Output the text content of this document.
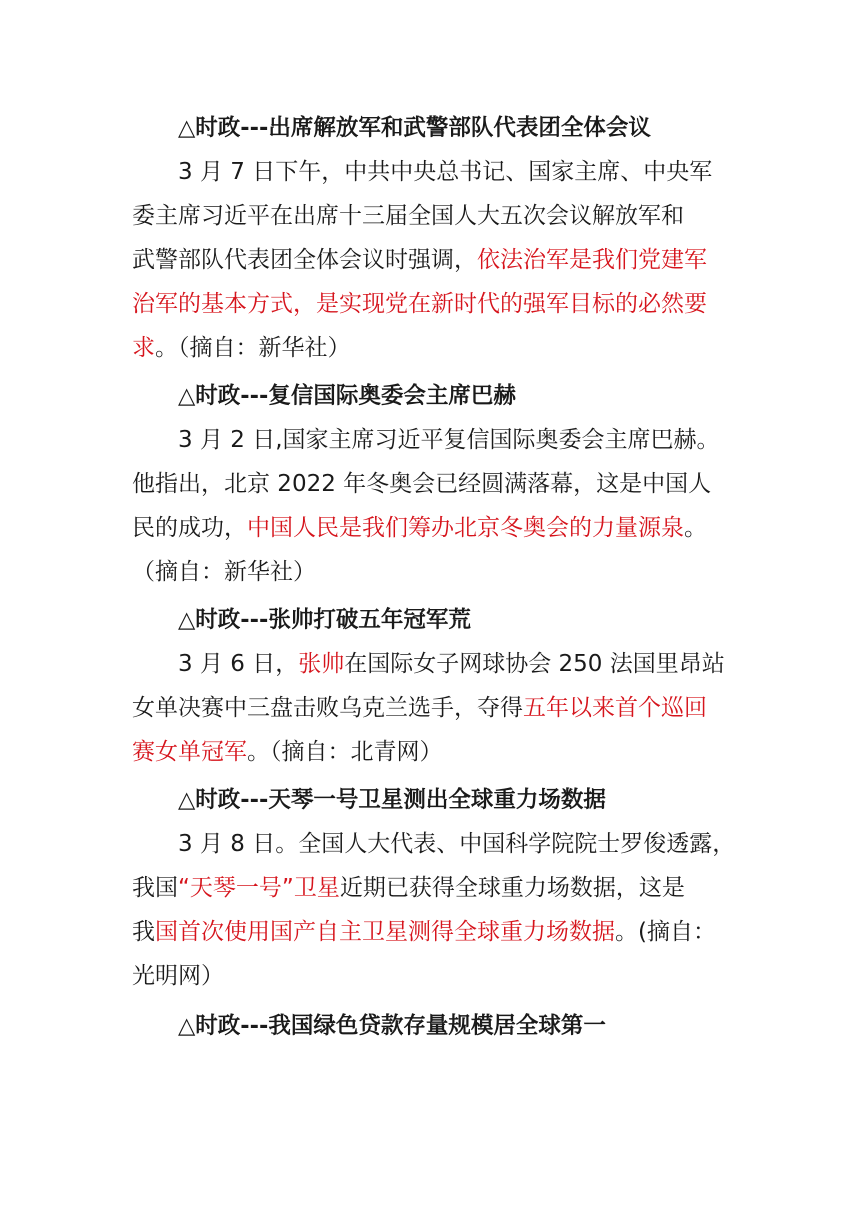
△时政---出席解放军和武警部队代表团全体会议

3 月 7 日下午，中共中央总书记、国家主席、中央军

委主席习近平在出席十三届全国人大五次会议解放军和

武警部队代表团全体会议时强调，依法治军是我们党建军

治军的基本方式，是实现党在新时代的强军目标的必然要

求。（摘自：新华社）

△时政---复信国际奥委会主席巴赫

3 月 2 日,国家主席习近平复信国际奥委会主席巴赫。

他指出，北京 2022 年冬奥会已经圆满落幕，这是中国人

民的成功，中国人民是我们筹办北京冬奥会的力量源泉。

（摘自：新华社）

△时政---张帅打破五年冠军荒

3 月 6 日，张帅在国际女子网球协会 250 法国里昂站

女单决赛中三盘击败乌克兰选手，夺得五年以来首个巡回

赛女单冠军。（摘自：北青网）

△时政---天琴一号卫星测出全球重力场数据

3 月 8 日。全国人大代表、中国科学院院士罗俊透露，

我国“天琴一号”卫星近期已获得全球重力场数据，这是

我国首次使用国产自主卫星测得全球重力场数据。(摘自：

光明网）

△时政---我国绿色贷款存量规模居全球第一
